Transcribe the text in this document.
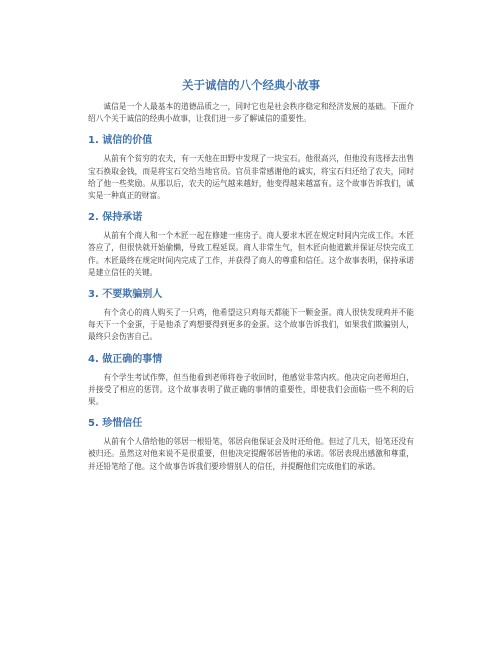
关于诚信的八个经典小故事

诚信是一个人最基本的道德品质之一，同时它也是社会秩序稳定和经济发展的基础。下面介绍八个关于诚信的经典小故事，让我们进一步了解诚信的重要性。

1. 诚信的价值

从前有个贫穷的农夫，有一天他在田野中发现了一块宝石。他很高兴，但他没有选择去出售宝石换取金钱，而是将宝石交给当地官员。官员非常感谢他的诚实，将宝石归还给了农夫，同时给了他一些奖励。从那以后，农夫的运气越来越好，他变得越来越富有。这个故事告诉我们，诚实是一种真正的财富。

2. 保持承诺

从前有个商人和一个木匠一起在修建一座房子。商人要求木匠在规定时间内完成工作。木匠答应了，但很快就开始偷懒，导致工程延误。商人非常生气，但木匠向他道歉并保证尽快完成工作。木匠最终在规定时间内完成了工作，并获得了商人的尊重和信任。这个故事表明，保持承诺是建立信任的关键。

3. 不要欺骗别人

有个贪心的商人购买了一只鸡，他希望这只鸡每天都能下一颗金蛋。商人很快发现鸡并不能每天下一个金蛋，于是他杀了鸡想要得到更多的金蛋。这个故事告诉我们，如果我们欺骗别人，最终只会伤害自己。

4. 做正确的事情

有个学生考试作弊，但当他看到老师将卷子收回时，他感觉非常内疚。他决定向老师坦白，并接受了相应的惩罚。这个故事表明了做正确的事情的重要性，即使我们会面临一些不利的后果。

5. 珍惜信任

从前有个人借给他的邻居一根铅笔，邻居向他保证会及时还给他。但过了几天，铅笔还没有被归还。虽然这对他来说不是很重要，但他决定提醒邻居皆他的承诺。邻居表现出感激和尊重，并还铅笔给了他。这个故事告诉我们要珍惜别人的信任，并提醒他们完成他们的承诺。
